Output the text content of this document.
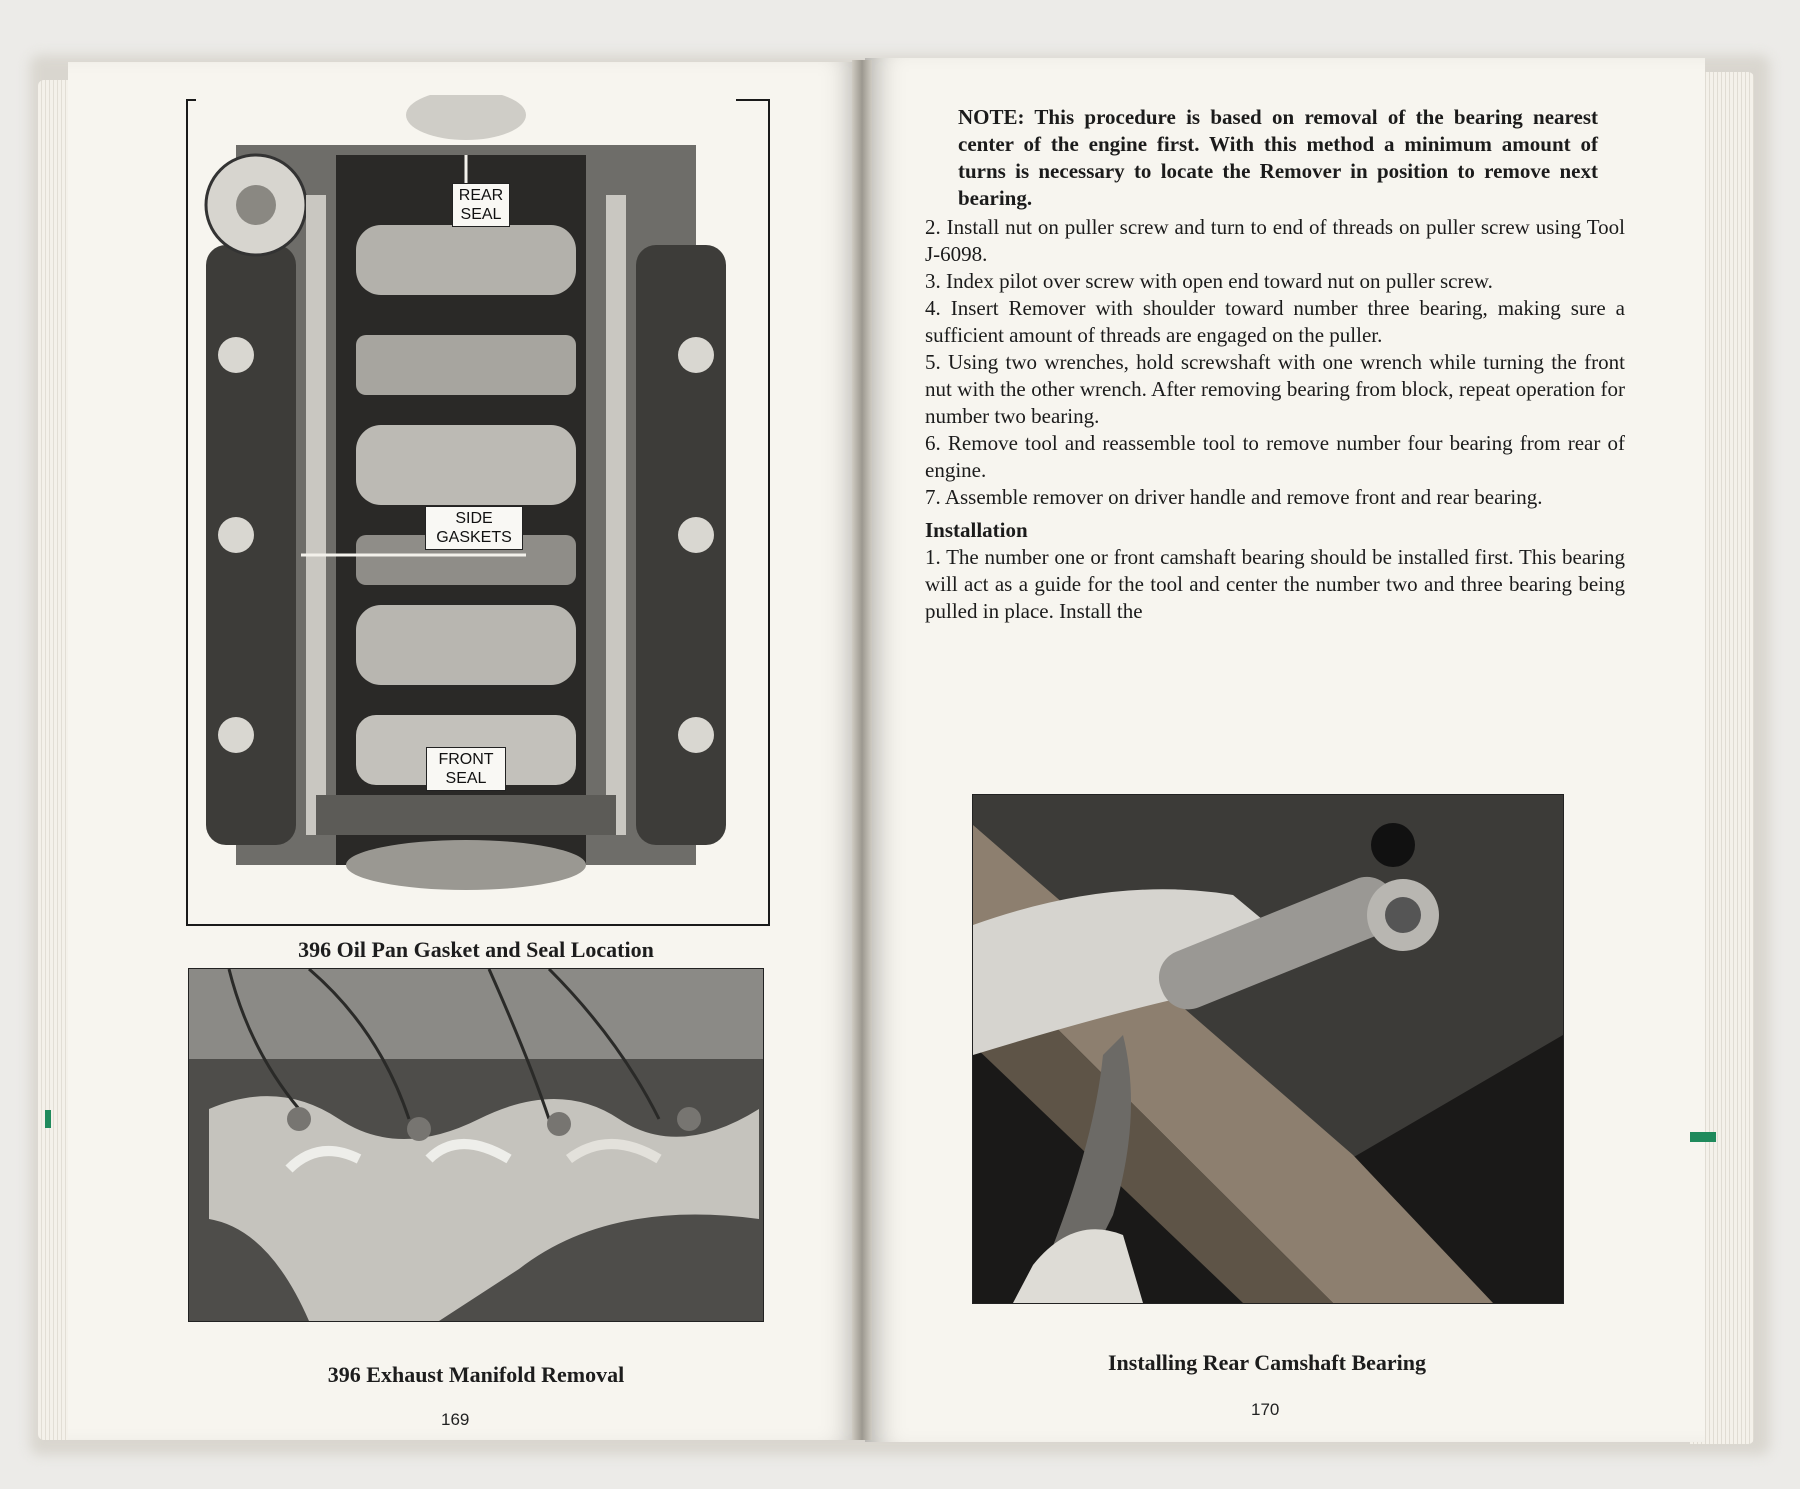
REAR
SEAL
SIDE
GASKETS
FRONT
SEAL
396 Oil Pan Gasket and Seal Location
396 Exhaust Manifold Removal
169

NOTE: This procedure is based on removal of the bearing nearest center of the engine first. With this method a minimum amount of turns is necessary to locate the Remover in position to remove next bearing.

2. Install nut on puller screw and turn to end of threads on puller screw using Tool J-6098.

3. Index pilot over screw with open end toward nut on puller screw.

4. Insert Remover with shoulder toward number three bearing, making sure a sufficient amount of threads are engaged on the puller.

5. Using two wrenches, hold screwshaft with one wrench while turning the front nut with the other wrench. After removing bearing from block, repeat operation for number two bearing.

6. Remove tool and reassemble tool to remove number four bearing from rear of engine.

7. Assemble remover on driver handle and remove front and rear bearing.

Installation

1. The number one or front camshaft bearing should be installed first. This bearing will act as a guide for the tool and center the number two and three bearing being pulled in place. Install the

Installing Rear Camshaft Bearing
170
